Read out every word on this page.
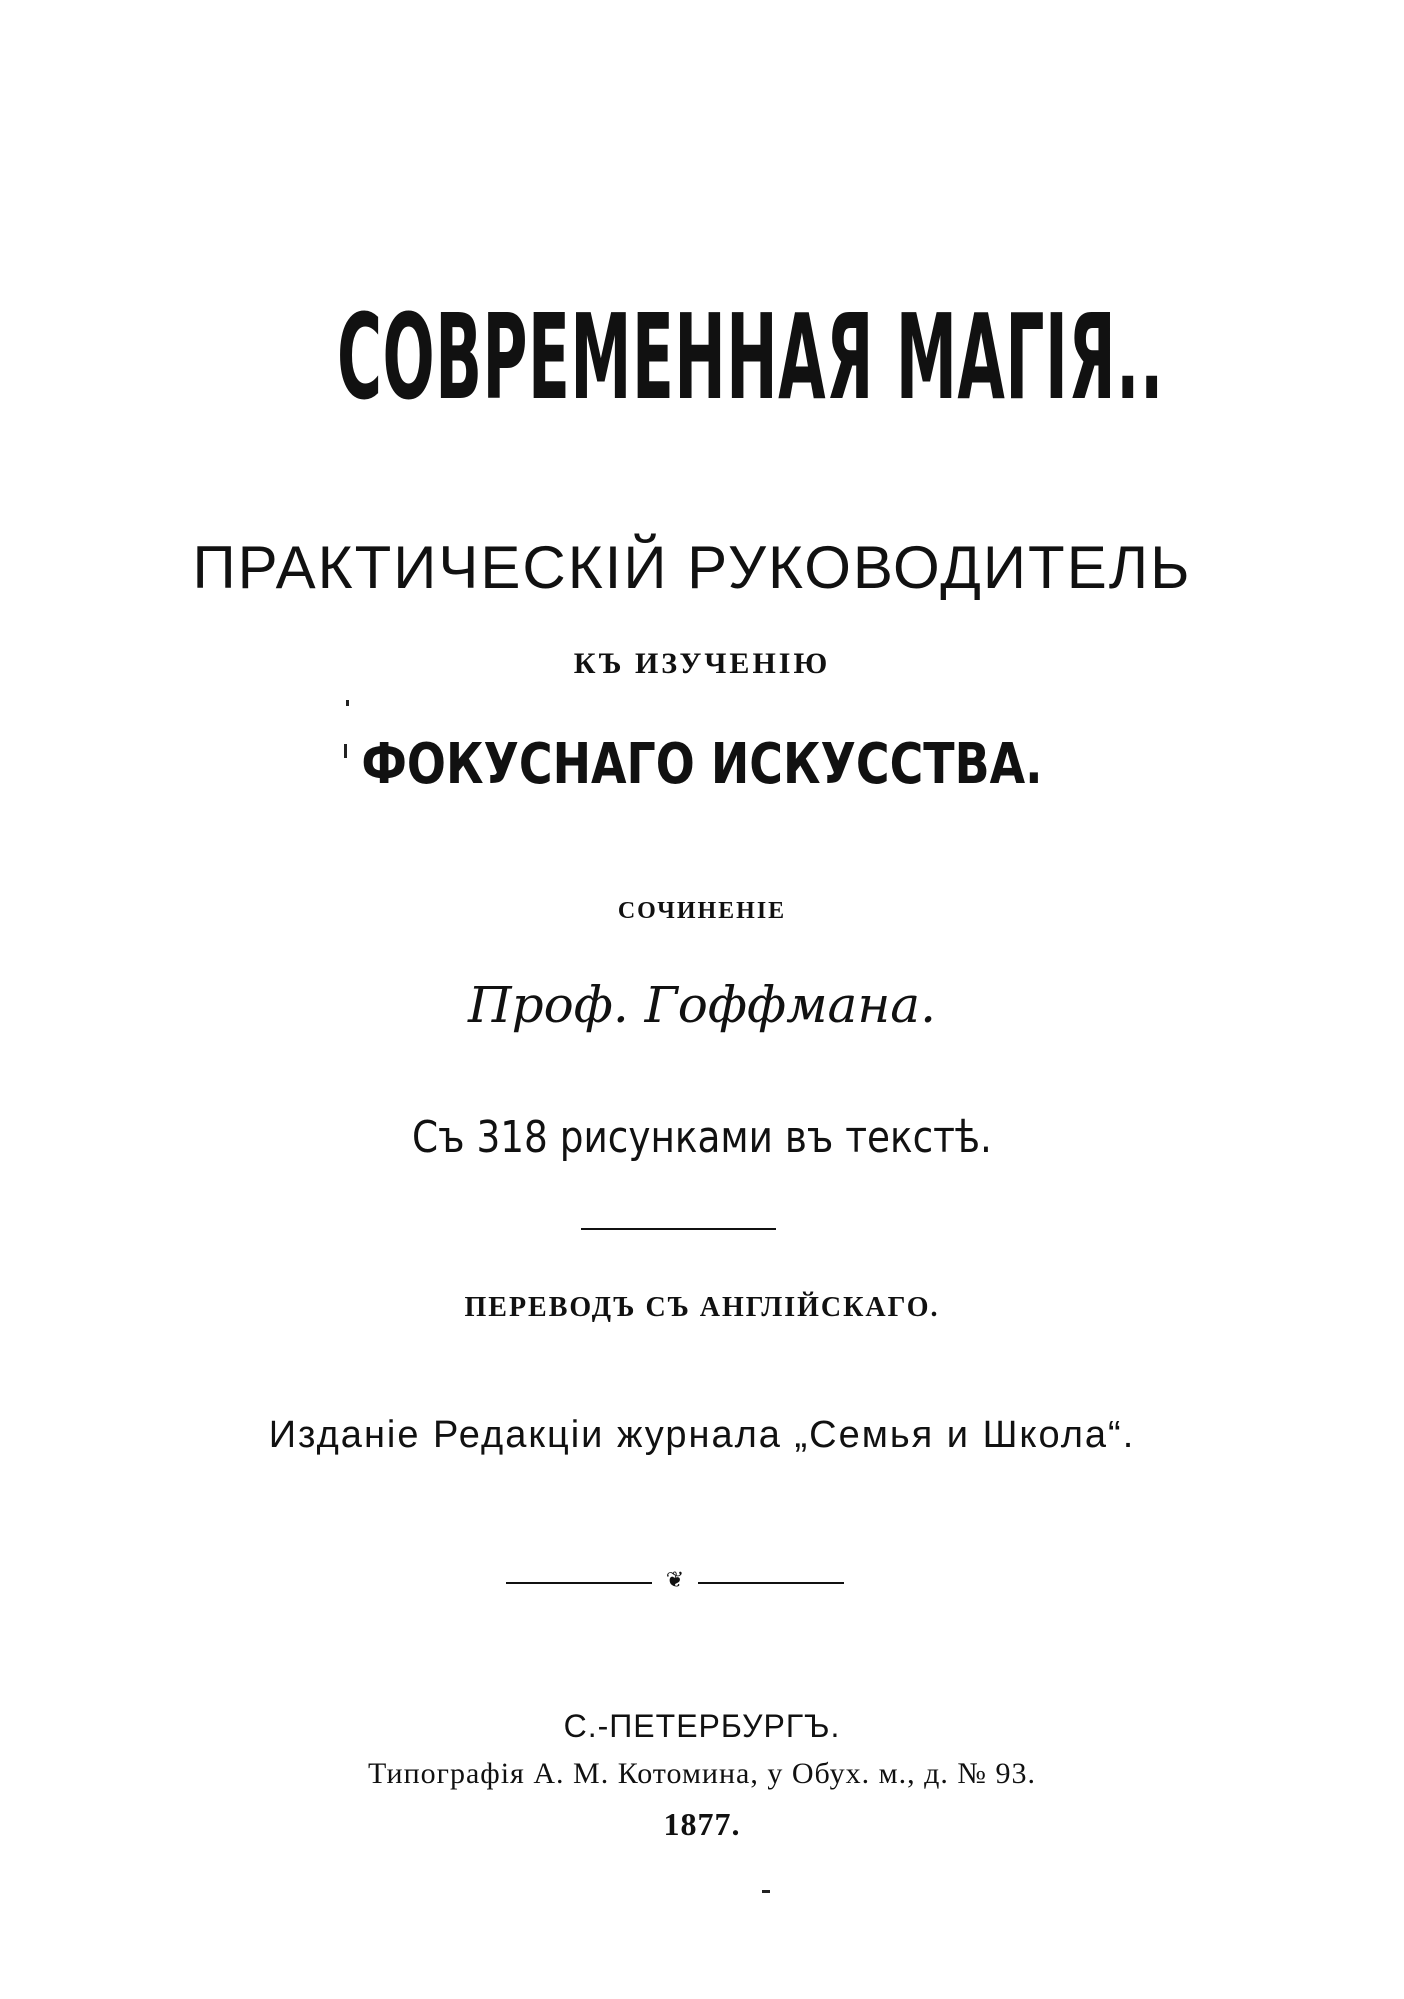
СОВРЕМЕННАЯ МАГІЯ..
ПРАКТИЧЕСКІЙ РУКОВОДИТЕЛЬ
КЪ ИЗУЧЕНІЮ
ФОКУСНАГО ИСКУССТВА.
СОЧИНЕНІЕ
Проф. Гоффмана.
Съ 318 рисунками въ текстѣ.
ПЕРЕВОДЪ СЪ АНГЛІЙСКАГО.
Изданіе Редакціи журнала „Семья и Школа“.
❦
С.-ПЕТЕРБУРГЪ.
Типографія А. М. Котомина, у Обух. м., д. № 93.
1877.
